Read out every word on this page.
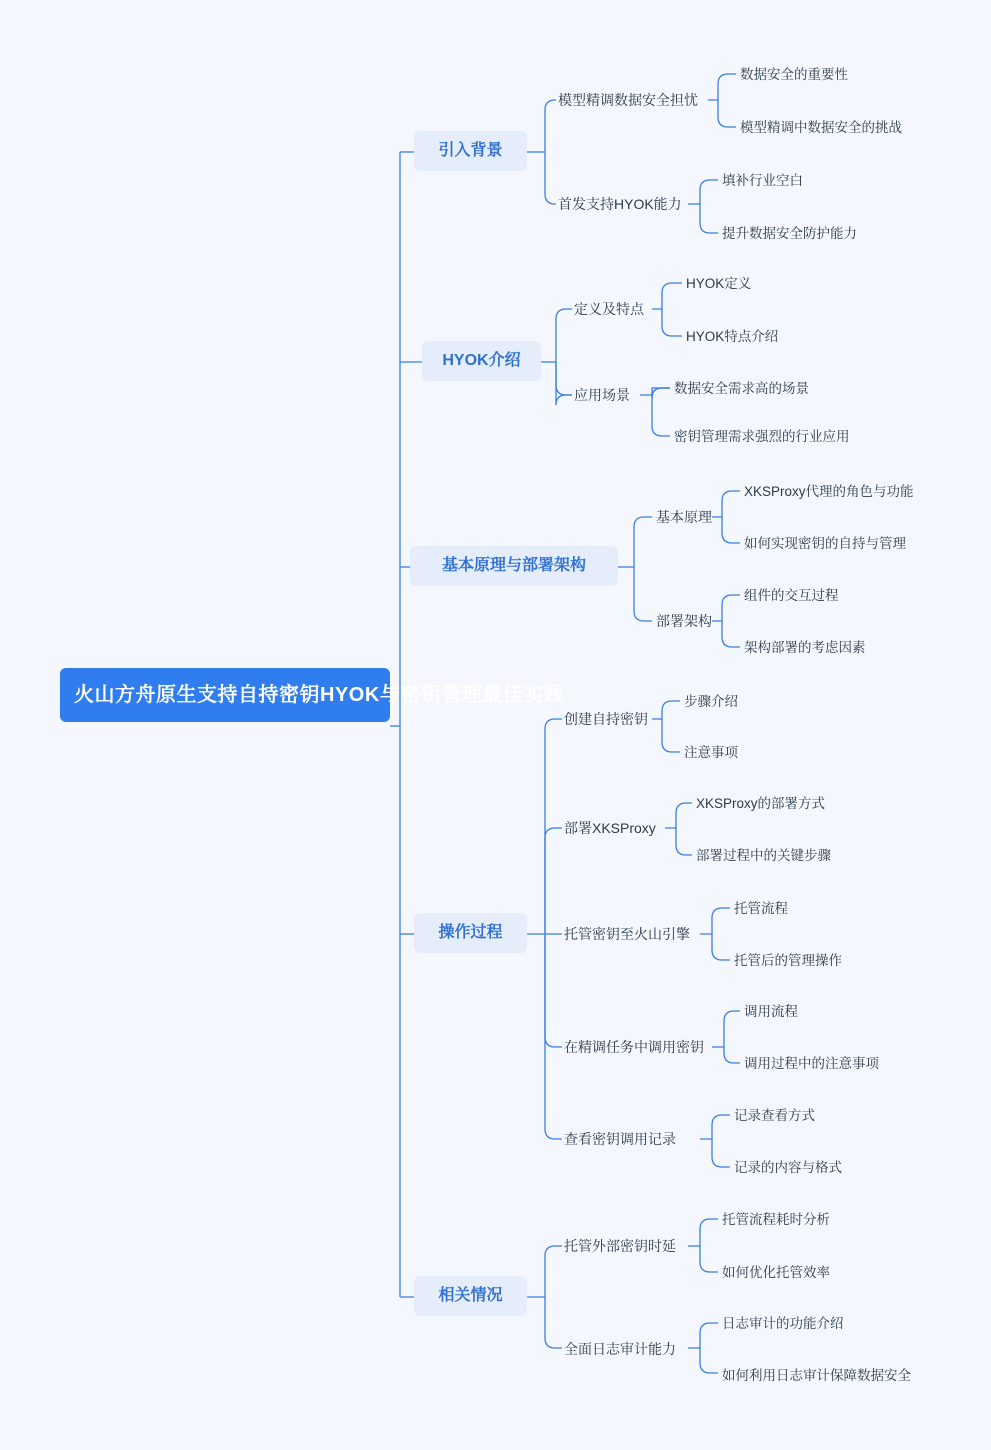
火山方舟原生支持自持密钥HYOK与密钥管理最佳实践
引入背景
HYOK介绍
基本原理与部署架构
操作过程
相关情况
模型精调数据安全担忧
首发支持HYOK能力
数据安全的重要性
模型精调中数据安全的挑战
填补行业空白
提升数据安全防护能力
定义及特点
应用场景
HYOK定义
HYOK特点介绍
数据安全需求高的场景
密钥管理需求强烈的行业应用
基本原理
部署架构
XKSProxy代理的角色与功能
如何实现密钥的自持与管理
组件的交互过程
架构部署的考虑因素
创建自持密钥
部署XKSProxy
托管密钥至火山引擎
在精调任务中调用密钥
查看密钥调用记录
步骤介绍
注意事项
XKSProxy的部署方式
部署过程中的关键步骤
托管流程
托管后的管理操作
调用流程
调用过程中的注意事项
记录查看方式
记录的内容与格式
托管外部密钥时延
全面日志审计能力
托管流程耗时分析
如何优化托管效率
日志审计的功能介绍
如何利用日志审计保障数据安全
